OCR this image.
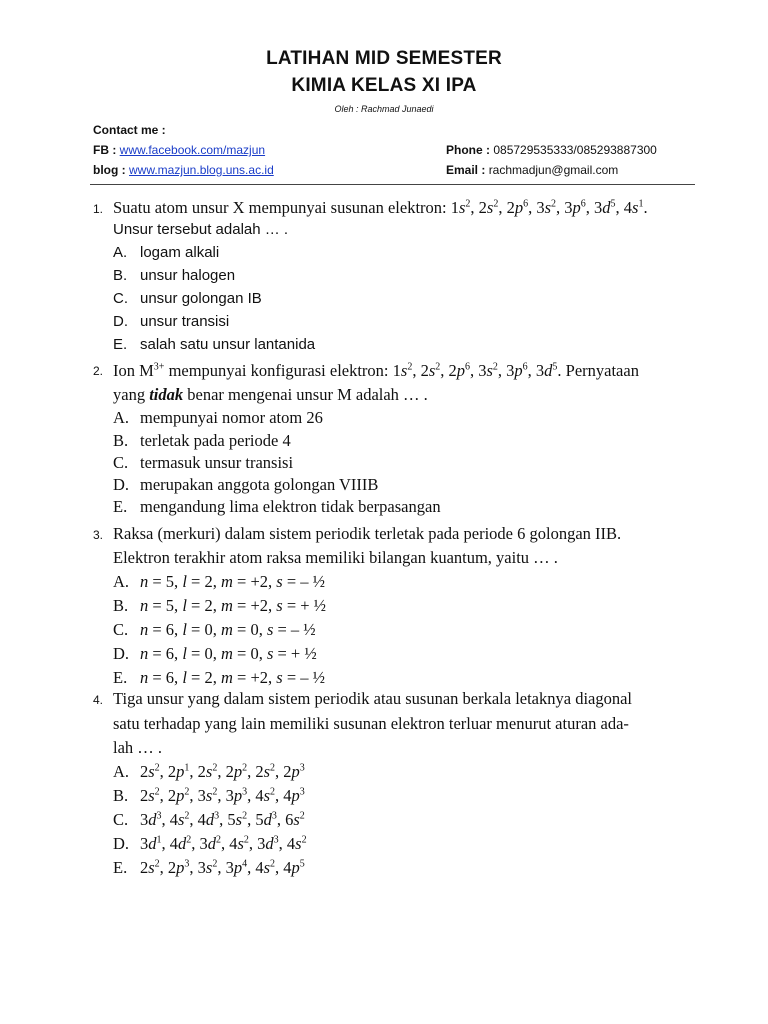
LATIHAN MID SEMESTER
KIMIA KELAS XI IPA
Oleh : Rachmad Junaedi
Contact me :
FB : www.facebook.com/mazjun
blog : www.mazjun.blog.uns.ac.id
Phone : 085729535333/085293887300
Email : rachmadjun@gmail.com
1. Suatu atom unsur X mempunyai susunan elektron: $1s^2$, $2s^2$, $2p^6$, $3s^2$, $3p^6$, $3d^5$, $4s^1$.
Unsur tersebut adalah … .
A. logam alkali
B. unsur halogen
C. unsur golongan IB
D. unsur transisi
E. salah satu unsur lantanida
2. Ion $M^{3+}$ mempunyai konfigurasi elektron: $1s^2$, $2s^2$, $2p^6$, $3s^2$, $3p^6$, $3d^5$. Pernyataan
yang tidak benar mengenai unsur M adalah … .
A. mempunyai nomor atom 26
B. terletak pada periode 4
C. termasuk unsur transisi
D. merupakan anggota golongan VIIIB
E. mengandung lima elektron tidak berpasangan
3. Raksa (merkuri) dalam sistem periodik terletak pada periode 6 golongan IIB.
Elektron terakhir atom raksa memiliki bilangan kuantum, yaitu … .
A. n = 5, l = 2, m = +2, s = – ½
B. n = 5, l = 2, m = +2, s = + ½
C. n = 6, l = 0, m = 0, s = – ½
D. n = 6, l = 0, m = 0, s = + ½
E. n = 6, l = 2, m = +2, s = – ½
4. Tiga unsur yang dalam sistem periodik atau susunan berkala letaknya diagonal
satu terhadap yang lain memiliki susunan elektron terluar menurut aturan ada-
lah … .
A. $2s^2$, $2p^1$, $2s^2$, $2p^2$, $2s^2$, $2p^3$
B. $2s^2$, $2p^2$, $3s^2$, $3p^3$, $4s^2$, $4p^3$
C. $3d^3$, $4s^2$, $4d^3$, $5s^2$, $5d^3$, $6s^2$
D. $3d^1$, $4d^2$, $3d^2$, $4s^2$, $3d^3$, $4s^2$
E. $2s^2$, $2p^3$, $3s^2$, $3p^4$, $4s^2$, $4p^5$
